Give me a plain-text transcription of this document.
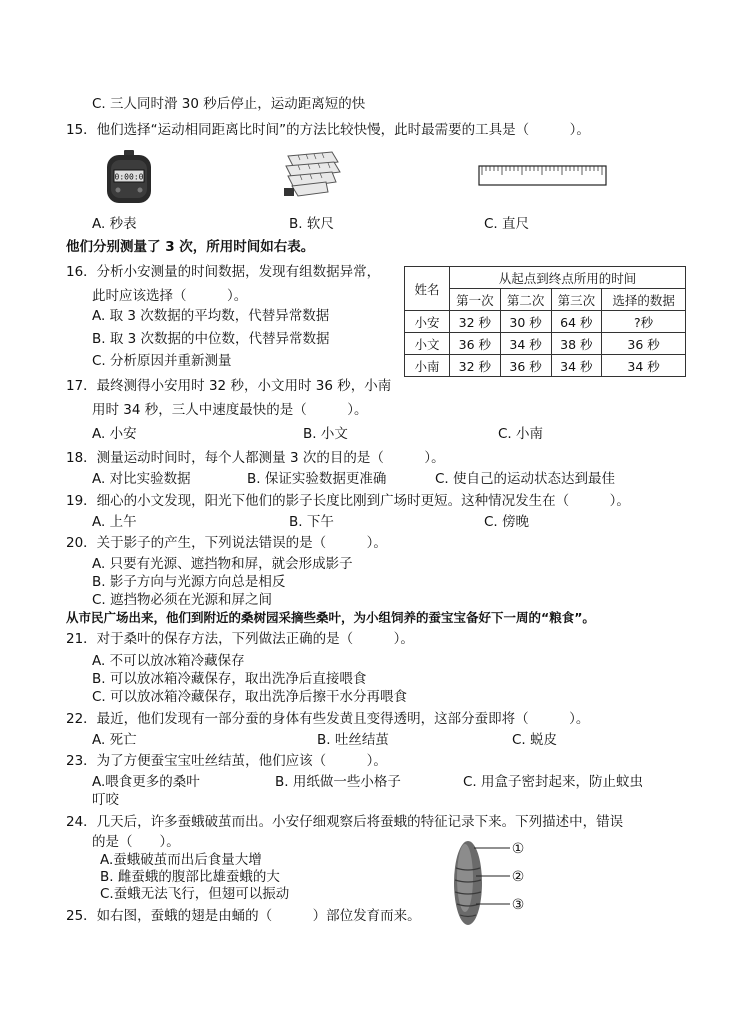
C. 三人同时滑 30 秒后停止，运动距离短的快
15．他们选择“运动相同距离比时间”的方法比较快慢，此时最需要的工具是（　　　）。
0:00:0
A. 秒表	B. 软尺	C. 直尺
他们分别测量了 3 次，所用时间如右表。
16．分析小安测量的时间数据，发现有组数据异常，
此时应该选择（　　　）。
A. 取 3 次数据的平均数，代替异常数据
B. 取 3 次数据的中位数，代替异常数据
C. 分析原因并重新测量
姓名	从起点到终点所用的时间			
	第一次	第二次	第三次	选择的数据
小安	32 秒	30 秒	64 秒	?秒
小文	36 秒	34 秒	38 秒	36 秒
小南	32 秒	36 秒	34 秒	34 秒
17．最终测得小安用时 32 秒，小文用时 36 秒，小南
用时 34 秒，三人中速度最快的是（　　　）。
A. 小安	B. 小文	C. 小南
18．测量运动时间时，每个人都测量 3 次的目的是（　　　）。
A. 对比实验数据	B. 保证实验数据更准确	C. 使自己的运动状态达到最佳
19．细心的小文发现，阳光下他们的影子长度比刚到广场时更短。这种情况发生在（　　　）。
A. 上午	B. 下午	C. 傍晚
20．关于影子的产生，下列说法错误的是（　　　）。
A. 只要有光源、遮挡物和屏，就会形成影子
B. 影子方向与光源方向总是相反
C. 遮挡物必须在光源和屏之间
从市民广场出来，他们到附近的桑树园采摘些桑叶，为小组饲养的蚕宝宝备好下一周的“粮食”。
21．对于桑叶的保存方法，下列做法正确的是（　　　）。
A. 不可以放冰箱冷藏保存
B. 可以放冰箱冷藏保存，取出洗净后直接喂食
C. 可以放冰箱冷藏保存，取出洗净后擦干水分再喂食
22．最近，他们发现有一部分蚕的身体有些发黄且变得透明，这部分蚕即将（　　　）。
A. 死亡	B. 吐丝结茧	C. 蜕皮
23．为了方便蚕宝宝吐丝结茧，他们应该（　　　）。
A.喂食更多的桑叶	B. 用纸做一些小格子	C. 用盒子密封起来，防止蚊虫
叮咬
24．几天后，许多蚕蛾破茧而出。小安仔细观察后将蚕蛾的特征记录下来。下列描述中，错误
的是（　　）。
A.蚕蛾破茧而出后食量大增
B. 雌蚕蛾的腹部比雄蚕蛾的大
C.蚕蛾无法飞行，但翅可以振动
25．如右图，蚕蛾的翅是由蛹的（　　　）部位发育而来。
①
②
③
